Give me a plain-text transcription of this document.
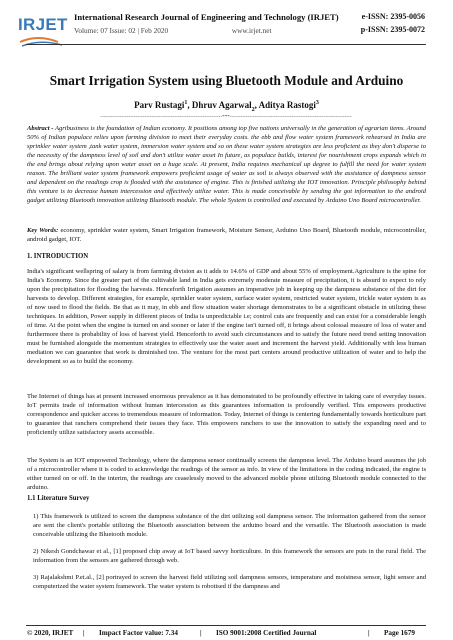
IRJET International Research Journal of Engineering and Technology (IRJET)
Volume: 07 Issue: 02 | Feb 2020	www.irjet.net
e-ISSN: 2395-0056
p-ISSN: 2395-0072
Smart Irrigation System using Bluetooth Module and Arduino
Parv Rustagi$^1$, Dhruv Agarwal$_2$, Aditya Rastogi$^3$
---------------------------------------------------------------------***---------------------------------------------------------------------
Abstract - Agribusiness is the foundation of Indian economy. It positions among top five nations universally in the generation of agrarian items. Around 50% of Indian populace relies upon farming division to meet their everyday costs. the ebb and flow water system framework rehearsed in India are sprinkler water system ,tank water system, immersion water system and so on these water system strategies are less proficient as they don't disperse to the necessity of the dampness level of soil and don't utilize water asset In future, as populace builds, interest for nourishment crops expands which in the end brings about relying upon water asset on a huge scale. At present, India requires mechanical up degree to fulfill the need for water system reason. The brilliant water system framework empowers proficient usage of water as soil is always observed with the assistance of dampness sensor and dependent on the readings crop is flooded with the assistance of engine. This is finished utilizing the IOT innovation. Principle philosophy behind this venture is to decrease human intercession and effectively utilize water. This is made conceivable by sending the got information to the android gadget utilizing Bluetooth innovation utilizing Bluetooth module. The whole System is controlled and executed by Arduino Uno Board microcontroller.
Key Words: economy, sprinkler water system, Smart Irrigation framework, Moisture Sensor, Arduino Uno Board, Bluetooth module, microcontroller, android gadget, IOT.
1. INTRODUCTION
India's significant wellspring of salary is from farming division as it adds to 14.6% of GDP and about 55% of employment.Agriculture is the spine for India's Economy. Since the greater part of the cultivable land in India gets extremely moderate measure of precipitation, it is absurd to expect to rely upon the precipitation for flooding the harvests. Henceforth Irrigation assumes an imperative job in keeping up the dampness substance of the dirt for harvests to develop. Different strategies, for example, sprinkler water system, surface water system, restricted water system, trickle water system is as of now used to flood the fields. Be that as it may, in ebb and flow situation water shortage demonstrates to be a significant obstacle in utilizing these techniques. In addition, Power supply in different pieces of India is unpredictable i.e; control cuts are frequently and can exist for a considerable length of time. At the point when the engine is turned on and sooner or later if the engine isn't turned off, it brings about colossal measure of loss of water and furthermore there is probability of loss of harvest yield. Henceforth to avoid such circumstances and to satisfy the future need trend setting innovation must be furnished alongside the momentum strategies to effectively use the water asset and increment the harvest yield. Additionally with less human mediation we can guarantee that work is diminished too. The venture for the most part centers around productive utilization of water and to help the development so as to build the economy.
The Internet of things has at present increased enormous prevalence as it has demonstrated to be profoundly effective in taking care of everyday issues. IoT permits trade of information without human intercession as this guarantees information is profoundly verified. This empowers productive correspondence and quicker access to tremendous measure of information. Today, Internet of things is centering fundamentally towards horticulture part to guarantee that ranchers comprehend their issues they face. This empowers ranchers to use the innovation to satisfy the expanding need and to proficiently utilize satisfactory assets accessible.
The System is an IOT empowered Technology, where the dampness sensor continually screens the dampness level. The Arduino board assumes the job of a microcontroller where it is coded to acknowledge the readings of the sensor as info. In view of the limitations in the coding indicated, the engine is either turned on or off. In the interim, the readings are ceaselessly moved to the advanced mobile phone utilizing Bluetooth module connected to the arduino.
1.1 Literature Survey
1) This framework is utilized to screen the dampness substance of the dirt utilizing soil dampness sensor. The information gathered from the sensor are sent the client's portable utilizing the Bluetooth association between the arduino board and the versatile. The Bluetooth association is made conceivable utilizing the Bluetooth module.
2) Nikesh Gondchawar et al., [1] proposed chip away at IoT based savvy horticulture. In this framework the sensors are puts in the rural field. The information from the sensors are gathered through web.
3) Rajalakshmi P.et.al., [2] portrayed to screen the harvest field utilizing soil dampness sensors, temperature and moistness sensor, light sensor and computerized the water system framework. The water system is robotised if the dampness and
© 2020, IRJET | Impact Factor value: 7.34	| ISO 9001:2008 Certified Journal	| Page 1679
